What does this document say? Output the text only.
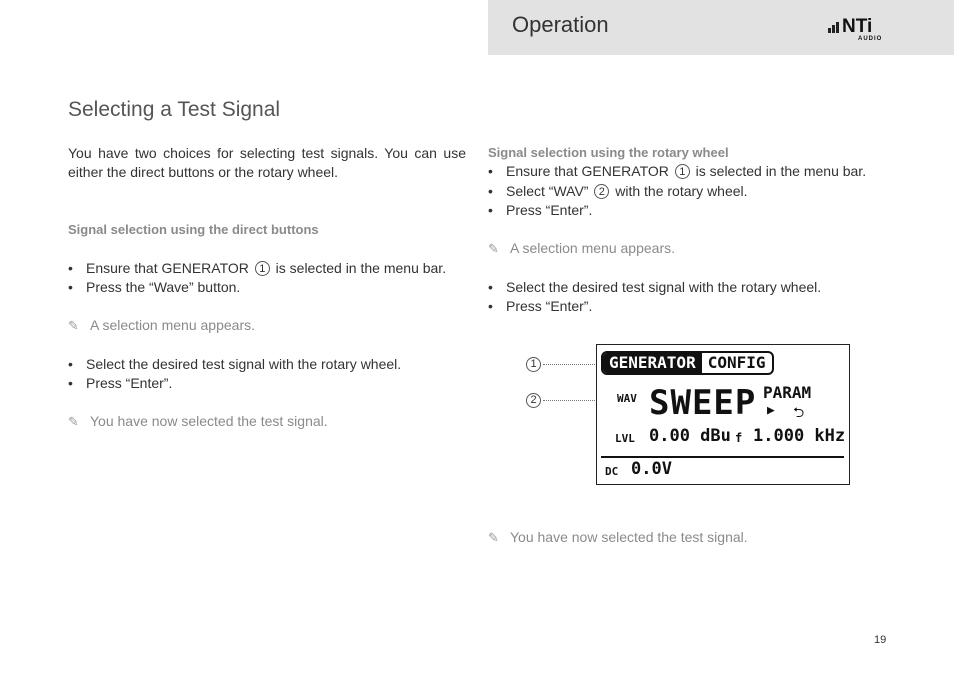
Operation	NTi
AUDIO
Selecting a Test Signal
You have two choices for selecting test signals. You can use either the direct buttons or the rotary wheel.
Signal selection using the direct buttons
• Ensure that GENERATOR 1 is selected in the menu bar.
• Press the “Wave” button.
✎ A selection menu appears.
• Select the desired test signal with the rotary wheel.
• Press “Enter”.
✎ You have now selected the test signal.
Signal selection using the rotary wheel
• Ensure that GENERATOR 1 is selected in the menu bar.
• Select “WAV” 2 with the rotary wheel.
• Press “Enter”.
✎ A selection menu appears.
• Select the desired test signal with the rotary wheel.
• Press “Enter”.
1
2
GENERATOR CONFIG
WAV SWEEP PARAM
▶ ⮌
LVL 0.00 dBu f 1.000 kHz
DC 0.0V
✎ You have now selected the test signal.
19
